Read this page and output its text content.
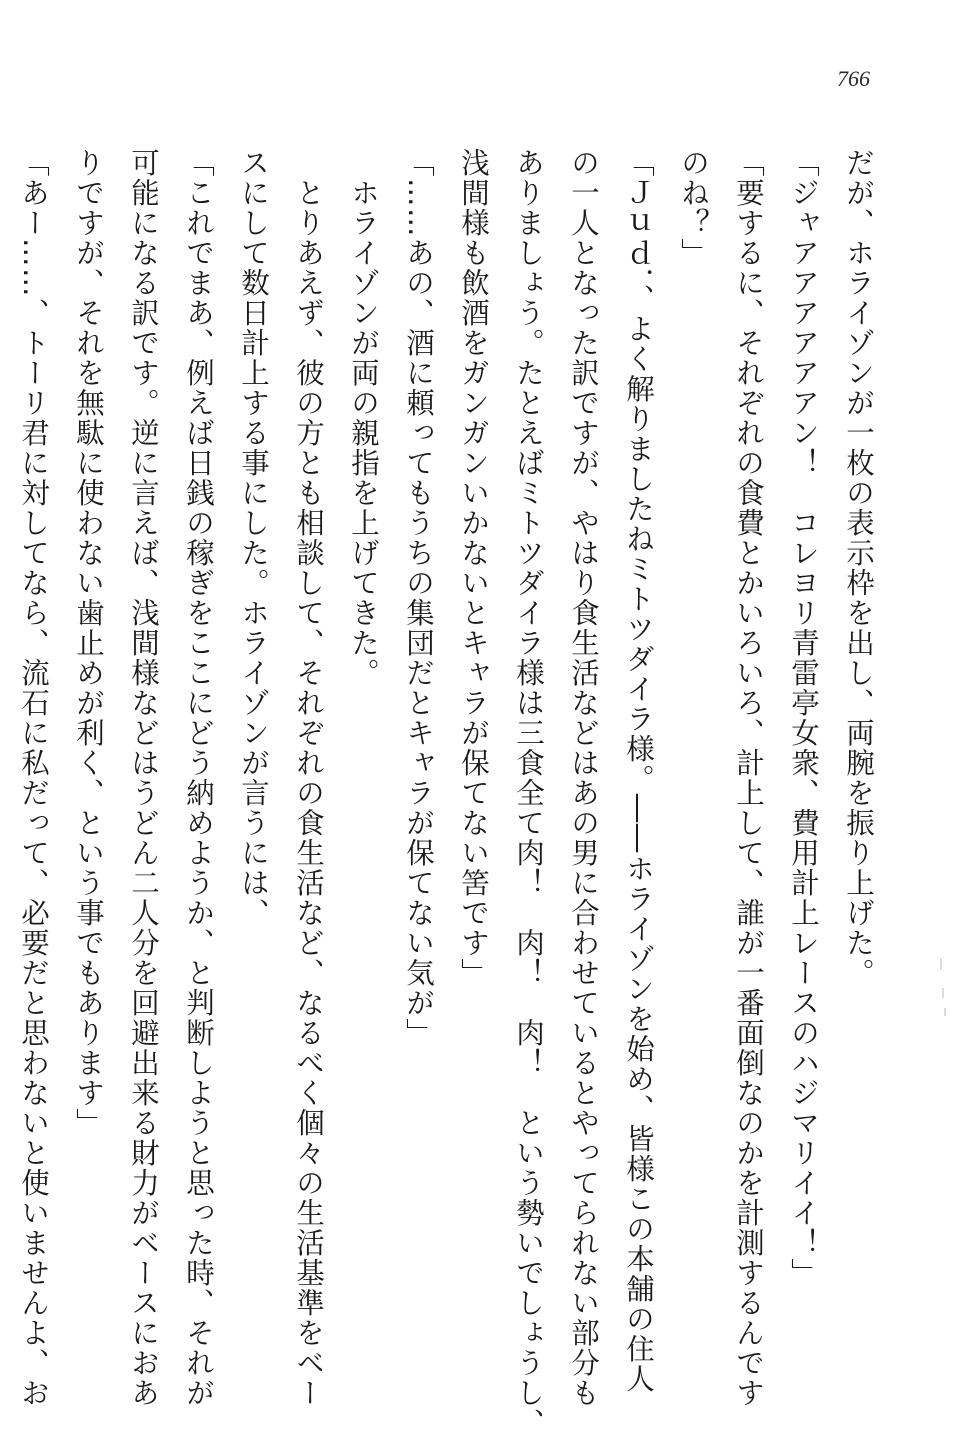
766
だが、ホライゾンが一枚の表示枠を出し、両腕を振り上げた。
「ジャアアアアアアン！　コレヨリ青雷亭女衆、費用計上レースのハジマリイイ！」
「要するに、それぞれの食費とかいろいろ、計上して、誰が一番面倒なのかを計測するんです
のね？」
「Ｊｕｄ．、よく解りましたねミトツダイラ様。――ホライゾンを始め、皆様この本舗の住人
の一人となった訳ですが、やはり食生活などはあの男に合わせているとやってられない部分も
ありましょう。たとえばミトツダイラ様は三食全て肉！　肉！　肉！　という勢いでしょうし、
浅間様も飲酒をガンガンいかないとキャラが保てない筈です」
「……あの、酒に頼ってもうちの集団だとキャラが保てない気が」
　ホライゾンが両の親指を上げてきた。
　とりあえず、彼の方とも相談して、それぞれの食生活など、なるべく個々の生活基準をベー
スにして数日計上する事にした。ホライゾンが言うには、
「これでまあ、例えば日銭の稼ぎをここにどう納めようか、と判断しようと思った時、それが
可能になる訳です。逆に言えば、浅間様などはうどん二人分を回避出来る財力がベースにおあ
りですが、それを無駄に使わない歯止めが利く、という事でもあります」
「あー……、トーリ君に対してなら、流石に私だって、必要だと思わないと使いませんよ、お
